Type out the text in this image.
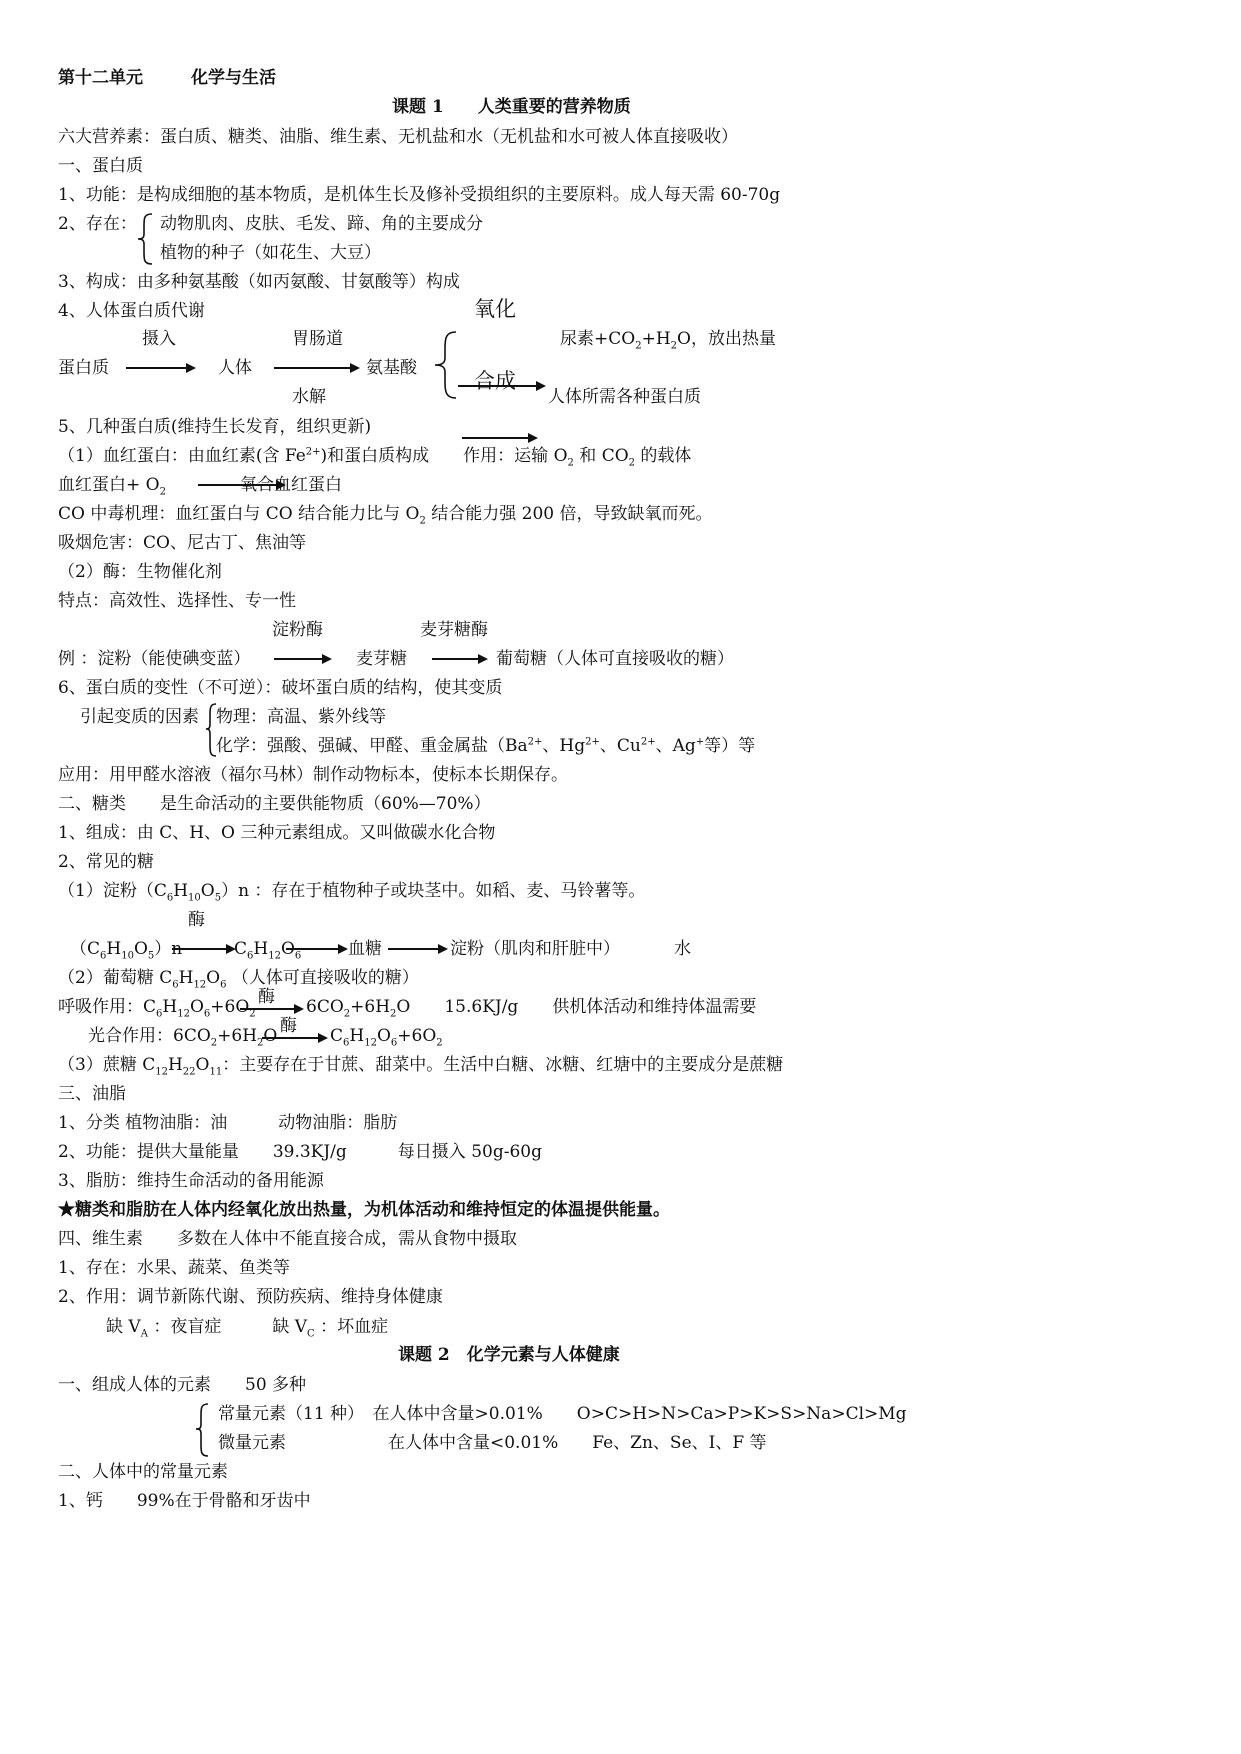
第十二单元	化学与生活
课题 1　　人类重要的营养物质
六大营养素：蛋白质、糖类、油脂、维生素、无机盐和水（无机盐和水可被人体直接吸收）
一、蛋白质
1、功能：是构成细胞的基本物质，是机体生长及修补受损组织的主要原料。成人每天需 60-70g
2、存在： 动物肌肉、皮肤、毛发、蹄、角的主要成分
植物的种子（如花生、大豆）
3、构成：由多种氨基酸（如丙氨酸、甘氨酸等）构成
4、人体蛋白质代谢
摄入	胃肠道
氧化
尿素$+CO_2+H_2O$，放出热量
蛋白质	人体	氨基酸
水解
合成
人体所需各种蛋白质
5、几种蛋白质(维持生长发育，组织更新)
（1）血红蛋白：由血红素(含 $Fe^{2+}$)和蛋白质构成　　作用：运输 $O_2$ 和 $CO_2$ 的载体
血红蛋白+ $O_2$	氧合血红蛋白
CO 中毒机理：血红蛋白与 CO 结合能力比与 $O_2$ 结合能力强 200 倍，导致缺氧而死。
吸烟危害：CO、尼古丁、焦油等
（2）酶：生物催化剂
特点：高效性、选择性、专一性
淀粉酶	麦芽糖酶
例 ：淀粉（能使碘变蓝）	麦芽糖	葡萄糖（人体可直接吸收的糖）
6、蛋白质的变性（不可逆）：破坏蛋白质的结构，使其变质
引起变质的因素 物理：高温、紫外线等
化学：强酸、强碱、甲醛、重金属盐（$Ba^{2+}$、$Hg^{2+}$、$Cu^{2+}$、Ag+等）等
应用：用甲醛水溶液（福尔马林）制作动物标本，使标本长期保存。
二、糖类　　是生命活动的主要供能物质（60%—70%）
1、组成：由 C、H、O 三种元素组成。又叫做碳水化合物
2、常见的糖
（1）淀粉$(C_6H_{10}O_5)n$ ：存在于植物种子或块茎中。如稻、麦、马铃薯等。
酶
$(C_6H_{10}O_5)n$	$C_6H_{12}O_6$	血糖	淀粉（肌肉和肝脏中）	水
（2）葡萄糖 $C_6H_{12}O_6$ （人体可直接吸收的糖）
呼吸作用：$C_6H_{12}O_6+6O_2$
酶 $6CO_2+6H_2O$　　15.6KJ/g　　供机体活动和维持体温需要
光合作用：$6CO_2+6H_2O$ 酶 $C_6H_{12}O_6+6O_2$
（3）蔗糖 $C_{12}H_{22}O_{11}$：主要存在于甘蔗、甜菜中。生活中白糖、冰糖、红塘中的主要成分是蔗糖
三、油脂
1、分类 植物油脂：油　　　动物油脂：脂肪
2、功能：提供大量能量　　39.3KJ/g　　　每日摄入 50g-60g
3、脂肪：维持生命活动的备用能源
★糖类和脂肪在人体内经氧化放出热量，为机体活动和维持恒定的体温提供能量。
四、维生素　　多数在人体中不能直接合成，需从食物中摄取
1、存在：水果、蔬菜、鱼类等
2、作用：调节新陈代谢、预防疾病、维持身体健康
缺 $V_A$ ：夜盲症　　　缺 $V_C$ ：坏血症
课题 2　化学元素与人体健康
一、组成人体的元素　　50 多种
常量元素（11 种）　在人体中含量>0.01%　　O>C>H>N>Ca>P>K>S>Na>Cl>Mg
微量元素　　　　　　在人体中含量<0.01%　　Fe、Zn、Se、I、F 等
二、人体中的常量元素
1、钙　　99%在于骨骼和牙齿中
